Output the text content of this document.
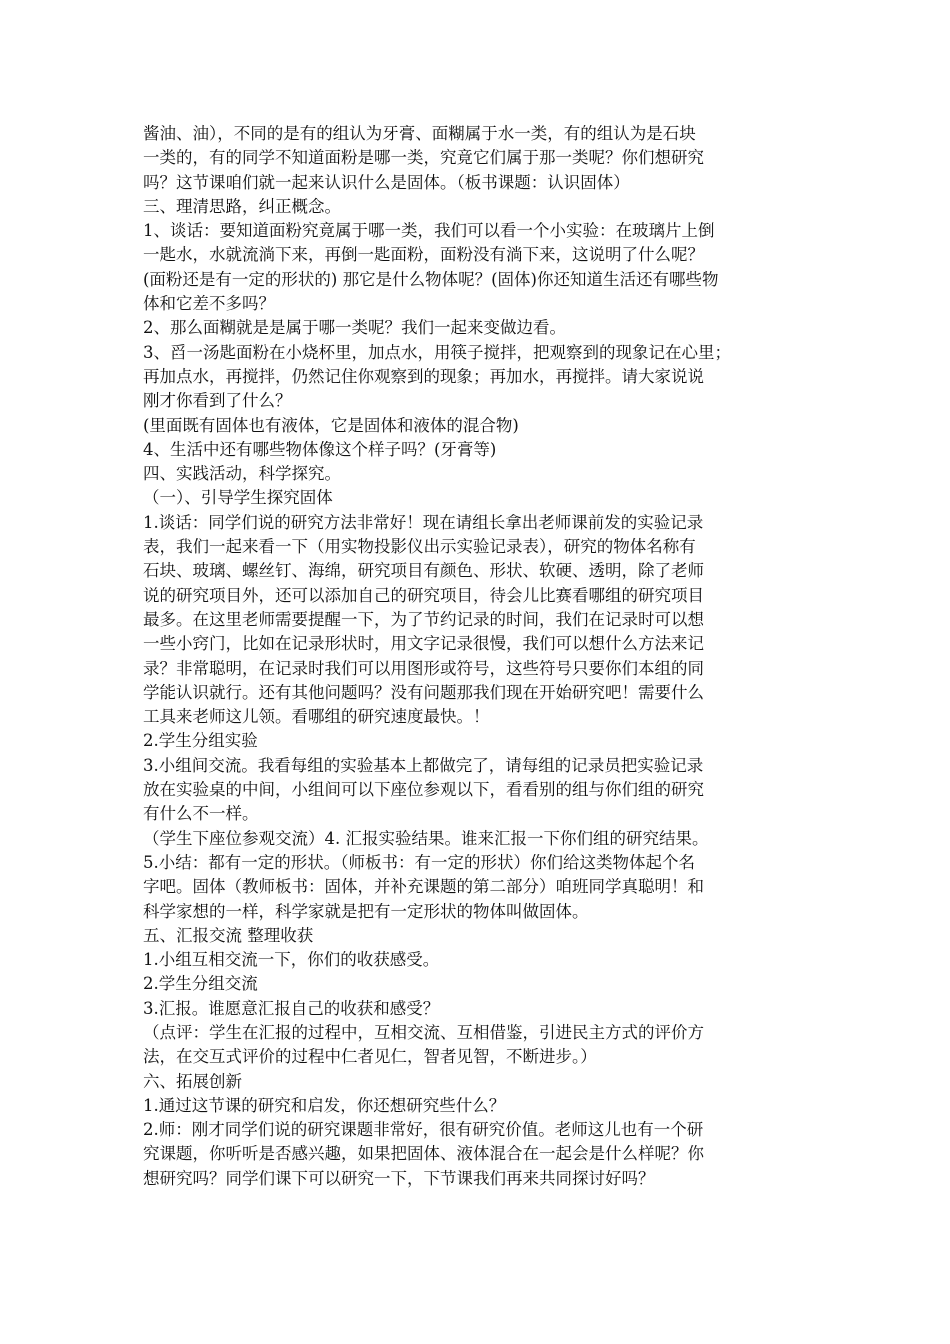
酱油、油），不同的是有的组认为牙膏、面糊属于水一类，有的组认为是石块
一类的，有的同学不知道面粉是哪一类，究竟它们属于那一类呢？你们想研究
吗？这节课咱们就一起来认识什么是固体。（板书课题：认识固体）
三、理清思路，纠正概念。
1、谈话：要知道面粉究竟属于哪一类，我们可以看一个小实验：在玻璃片上倒
一匙水，水就流淌下来，再倒一匙面粉，面粉没有淌下来，这说明了什么呢？
(面粉还是有一定的形状的) 那它是什么物体呢？(固体)你还知道生活还有哪些物
体和它差不多吗？
2、那么面糊就是是属于哪一类呢？我们一起来变做边看。
3、舀一汤匙面粉在小烧杯里，加点水，用筷子搅拌，把观察到的现象记在心里；
再加点水，再搅拌，仍然记住你观察到的现象；再加水，再搅拌。请大家说说
刚才你看到了什么？
(里面既有固体也有液体，它是固体和液体的混合物)
4、生活中还有哪些物体像这个样子吗？(牙膏等)
四、实践活动，科学探究。
（一）、引导学生探究固体
1.谈话：同学们说的研究方法非常好！现在请组长拿出老师课前发的实验记录
表，我们一起来看一下（用实物投影仪出示实验记录表），研究的物体名称有
石块、玻璃、螺丝钉、海绵，研究项目有颜色、形状、软硬、透明，除了老师
说的研究项目外，还可以添加自己的研究项目，待会儿比赛看哪组的研究项目
最多。在这里老师需要提醒一下，为了节约记录的时间，我们在记录时可以想
一些小窍门，比如在记录形状时，用文字记录很慢，我们可以想什么方法来记
录？非常聪明，在记录时我们可以用图形或符号，这些符号只要你们本组的同
学能认识就行。还有其他问题吗？没有问题那我们现在开始研究吧！需要什么
工具来老师这儿领。看哪组的研究速度最快。！
2.学生分组实验
3.小组间交流。我看每组的实验基本上都做完了，请每组的记录员把实验记录
放在实验桌的中间，小组间可以下座位参观以下，看看别的组与你们组的研究
有什么不一样。
（学生下座位参观交流）4. 汇报实验结果。谁来汇报一下你们组的研究结果。
5.小结：都有一定的形状。（师板书：有一定的形状）你们给这类物体起个名
字吧。固体（教师板书：固体，并补充课题的第二部分）咱班同学真聪明！和
科学家想的一样，科学家就是把有一定形状的物体叫做固体。
五、汇报交流 整理收获
1.小组互相交流一下，你们的收获感受。
2.学生分组交流
3.汇报。谁愿意汇报自己的收获和感受？
（点评：学生在汇报的过程中，互相交流、互相借鉴，引进民主方式的评价方
法，在交互式评价的过程中仁者见仁，智者见智，不断进步。）
六、拓展创新
1.通过这节课的研究和启发，你还想研究些什么？
2.师：刚才同学们说的研究课题非常好，很有研究价值。老师这儿也有一个研
究课题，你听听是否感兴趣，如果把固体、液体混合在一起会是什么样呢？你
想研究吗？同学们课下可以研究一下，下节课我们再来共同探讨好吗？
